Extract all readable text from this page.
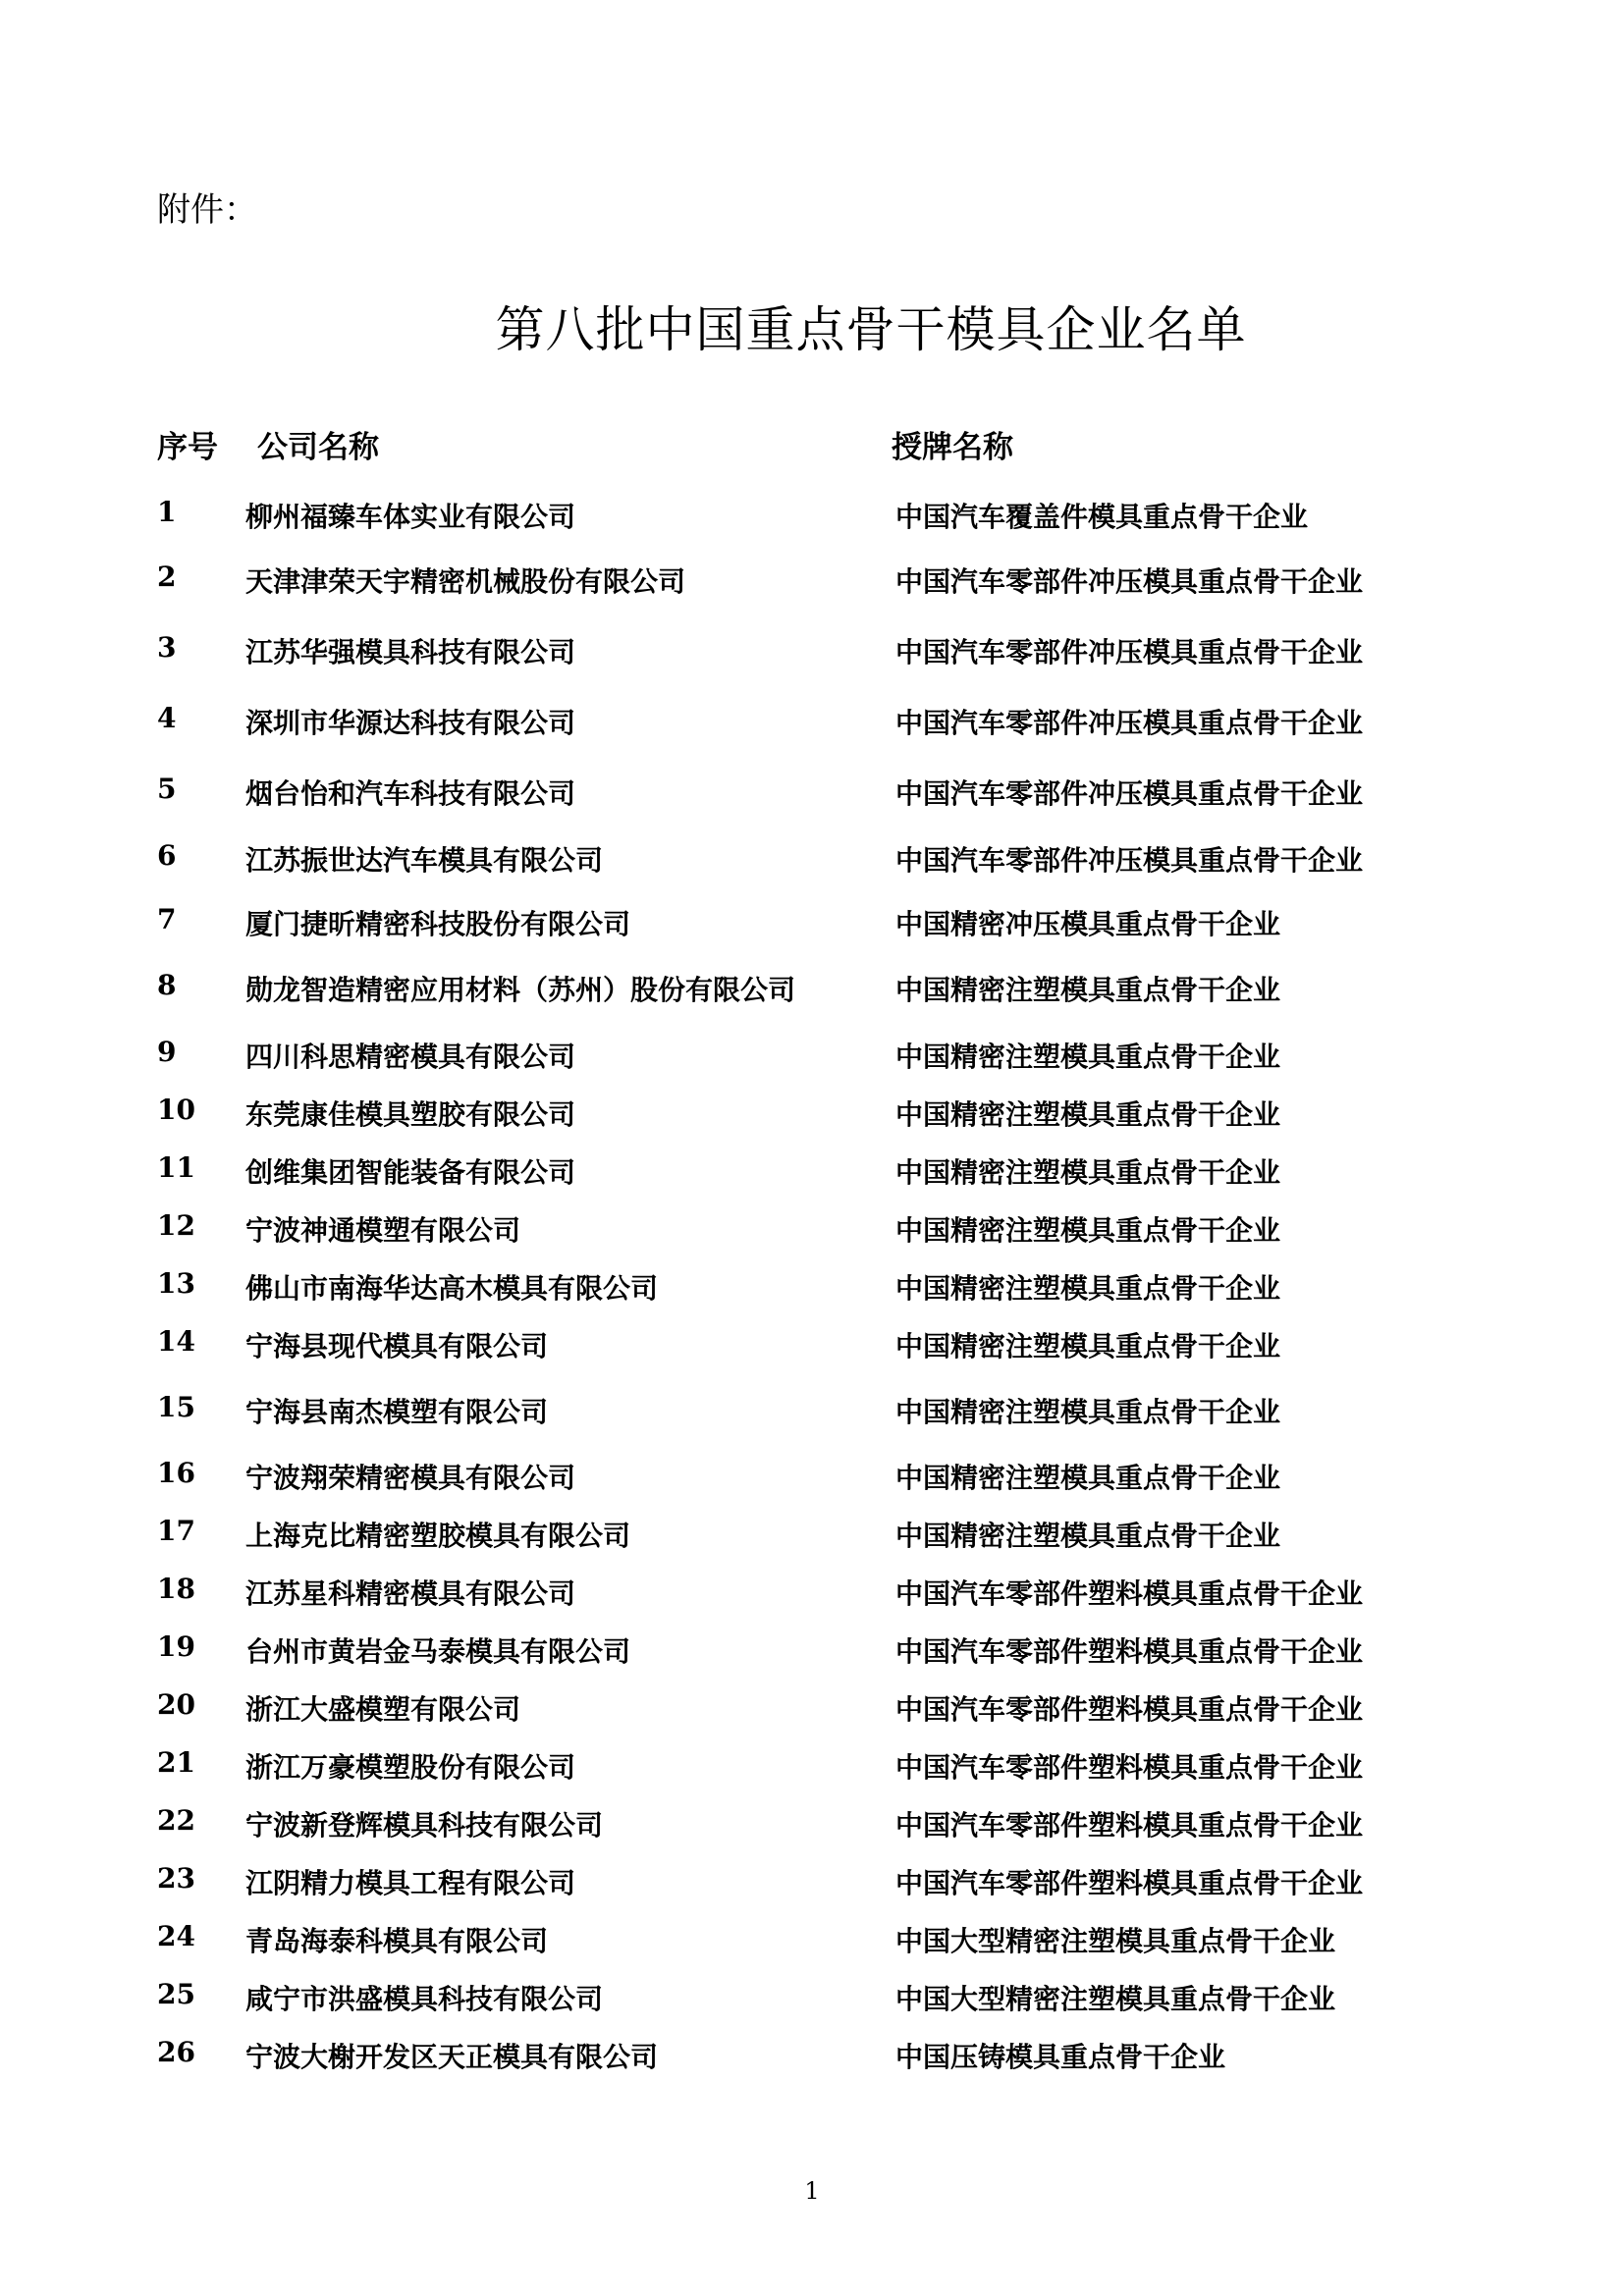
附件：
第八批中国重点骨干模具企业名单
序号 公司名称	授牌名称
1	柳州福臻车体实业有限公司	中国汽车覆盖件模具重点骨干企业
2	天津津荣天宇精密机械股份有限公司	中国汽车零部件冲压模具重点骨干企业
3	江苏华强模具科技有限公司	中国汽车零部件冲压模具重点骨干企业
4	深圳市华源达科技有限公司	中国汽车零部件冲压模具重点骨干企业
5	烟台怡和汽车科技有限公司	中国汽车零部件冲压模具重点骨干企业
6	江苏振世达汽车模具有限公司	中国汽车零部件冲压模具重点骨干企业
7	厦门捷昕精密科技股份有限公司	中国精密冲压模具重点骨干企业
8	勋龙智造精密应用材料（苏州）股份有限公司	中国精密注塑模具重点骨干企业
9	四川科思精密模具有限公司	中国精密注塑模具重点骨干企业
10 东莞康佳模具塑胶有限公司	中国精密注塑模具重点骨干企业
11 创维集团智能装备有限公司	中国精密注塑模具重点骨干企业
12 宁波神通模塑有限公司	中国精密注塑模具重点骨干企业
13 佛山市南海华达高木模具有限公司	中国精密注塑模具重点骨干企业
14 宁海县现代模具有限公司	中国精密注塑模具重点骨干企业
15 宁海县南杰模塑有限公司	中国精密注塑模具重点骨干企业
16 宁波翔荣精密模具有限公司	中国精密注塑模具重点骨干企业
17 上海克比精密塑胶模具有限公司	中国精密注塑模具重点骨干企业
18 江苏星科精密模具有限公司	中国汽车零部件塑料模具重点骨干企业
19 台州市黄岩金马泰模具有限公司	中国汽车零部件塑料模具重点骨干企业
20 浙江大盛模塑有限公司	中国汽车零部件塑料模具重点骨干企业
21 浙江万豪模塑股份有限公司	中国汽车零部件塑料模具重点骨干企业
22 宁波新登辉模具科技有限公司	中国汽车零部件塑料模具重点骨干企业
23 江阴精力模具工程有限公司	中国汽车零部件塑料模具重点骨干企业
24 青岛海泰科模具有限公司	中国大型精密注塑模具重点骨干企业
25 咸宁市洪盛模具科技有限公司	中国大型精密注塑模具重点骨干企业
26 宁波大榭开发区天正模具有限公司	中国压铸模具重点骨干企业
1
